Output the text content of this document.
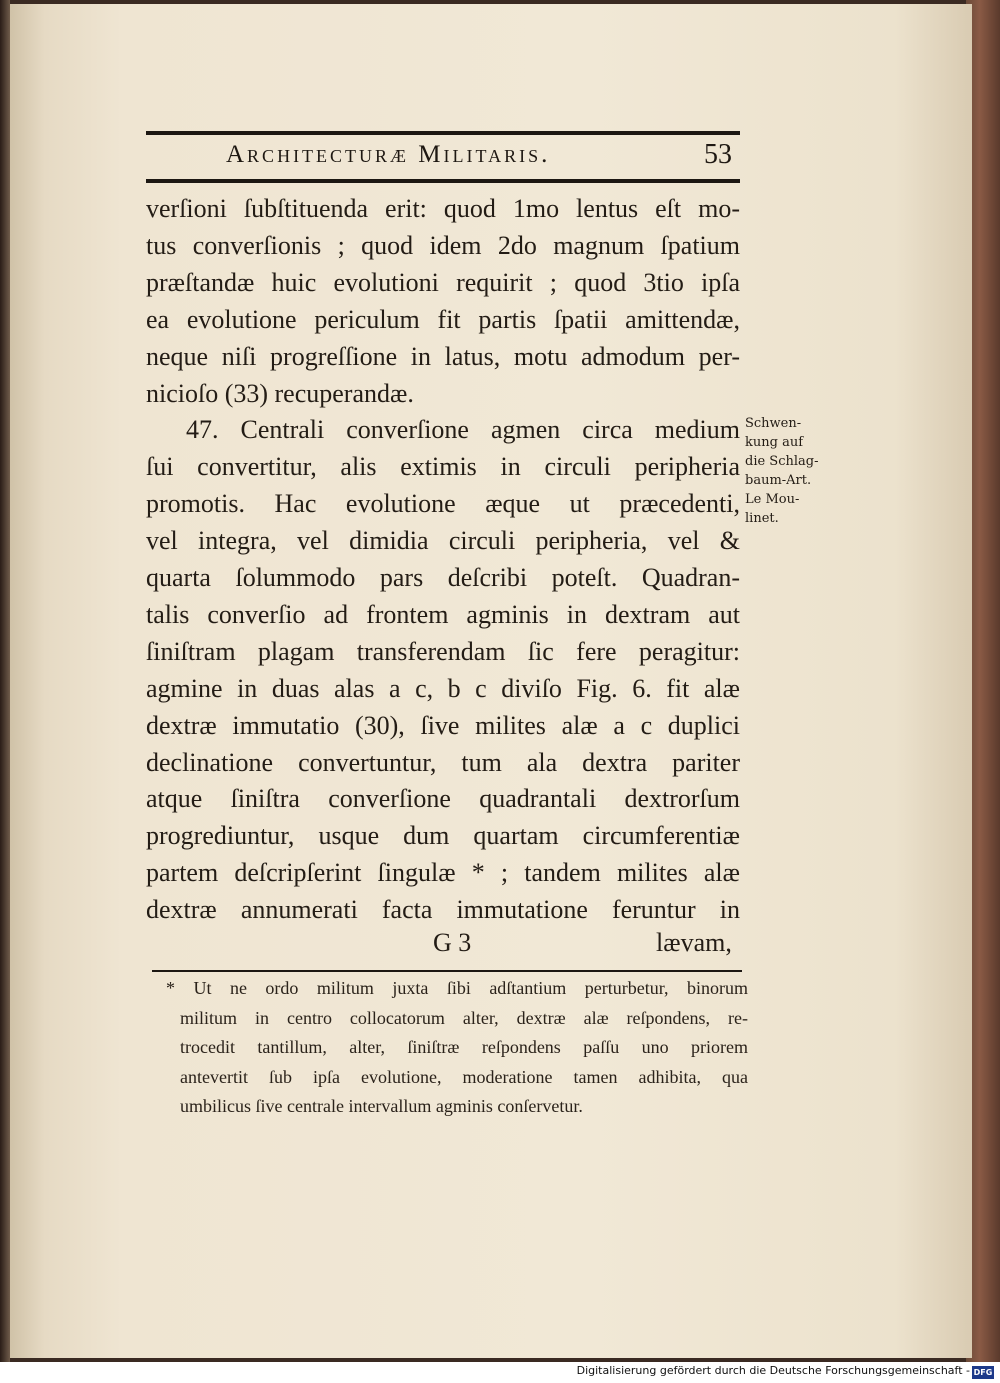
Architecturæ Militaris.	53
verſioni ſubſtituenda erit: quod 1mo lentus eſt mo-
tus converſionis ; quod idem 2do magnum ſpatium
præſtandæ huic evolutioni requirit ; quod 3tio ipſa
ea evolutione periculum fit partis ſpatii amittendæ,
neque niſi progreſſione in latus, motu admodum per-
nicioſo (33) recuperandæ.
47. Centrali converſione agmen circa medium
ſui convertitur, alis extimis in circuli peripheria
promotis. Hac evolutione æque ut præcedenti,
vel integra, vel dimidia circuli peripheria, vel &
quarta ſolummodo pars deſcribi poteſt. Quadran-
talis converſio ad frontem agminis in dextram aut
ſiniſtram plagam transferendam ſic fere peragitur:
agmine in duas alas a c, b c diviſo Fig. 6. fit alæ
dextræ immutatio (30), ſive milites alæ a c duplici
declinatione convertuntur, tum ala dextra pariter
atque ſiniſtra converſione quadrantali dextrorſum
progrediuntur, usque dum quartam circumferentiæ
partem deſcripſerint ſingulæ * ; tandem milites alæ
dextræ annumerati facta immutatione feruntur in
Schwen-
kung auf
die Schlag-
baum-Art.
Le Mou-
linet.
G 3	lævam,
* Ut ne ordo militum juxta ſibi adſtantium perturbetur, binorum
militum in centro collocatorum alter, dextræ alæ reſpondens, re-
trocedit tantillum, alter, ſiniſtræ reſpondens paſſu uno priorem
antevertit ſub ipſa evolutione, moderatione tamen adhibita, qua
umbilicus ſive centrale intervallum agminis conſervetur.
Digitalisierung gefördert durch die Deutsche Forschungsgemeinschaft - DFG
